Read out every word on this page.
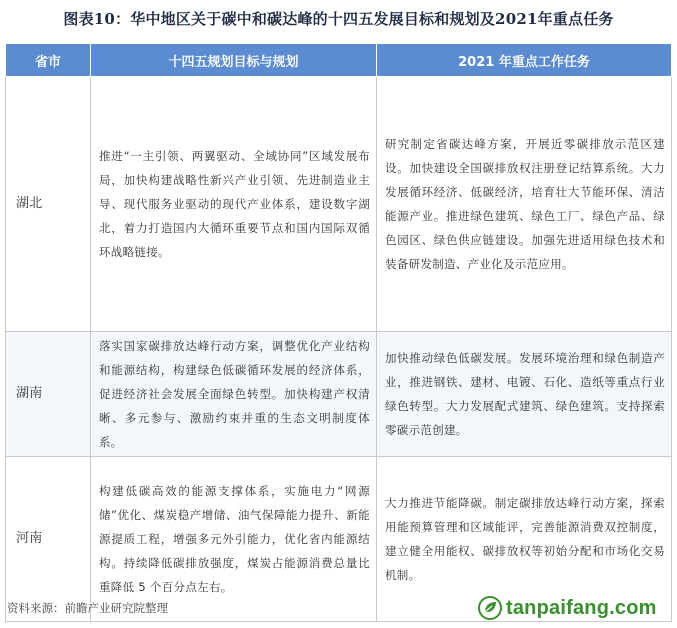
图表10：华中地区关于碳中和碳达峰的十四五发展目标和规划及2021年重点任务
省市	十四五规划目标与规划	2021 年重点工作任务
湖北	推进“一主引领、两翼驱动、全域协同”区域发展布局，加快构建战略性新兴产业引领、先进制造业主导、现代服务业驱动的现代产业体系，建设数字湖北，着力打造国内大循环重要节点和国内国际双循环战略链接。	研究制定省碳达峰方案，开展近零碳排放示范区建设。加快建设全国碳排放权注册登记结算系统。大力发展循环经济、低碳经济，培育壮大节能环保、清洁能源产业。推进绿色建筑、绿色工厂、绿色产品、绿色园区、绿色供应链建设。加强先进适用绿色技术和装备研发制造、产业化及示范应用。
湖南	落实国家碳排放达峰行动方案，调整优化产业结构和能源结构，构建绿色低碳循环发展的经济体系，促进经济社会发展全面绿色转型。加快构建产权清晰、多元参与、激励约束并重的生态文明制度体系。	加快推动绿色低碳发展。发展环境治理和绿色制造产业，推进钢铁、建材、电镀、石化、造纸等重点行业绿色转型。大力发展配式建筑、绿色建筑。支持探索零碳示范创建。
河南	构建低碳高效的能源支撑体系，实施电力“网源储”优化、煤炭稳产增储、油气保障能力提升、新能源提质工程，增强多元外引能力，优化省内能源结构。持续降低碳排放强度，煤炭占能源消费总量比重降低 5 个百分点左右。	大力推进节能降碳。制定碳排放达峰行动方案，探索用能预算管理和区域能评，完善能源消费双控制度，建立健全用能权、碳排放权等初始分配和市场化交易机制。
资料来源：前瞻产业研究院整理	tanpaifang.com
